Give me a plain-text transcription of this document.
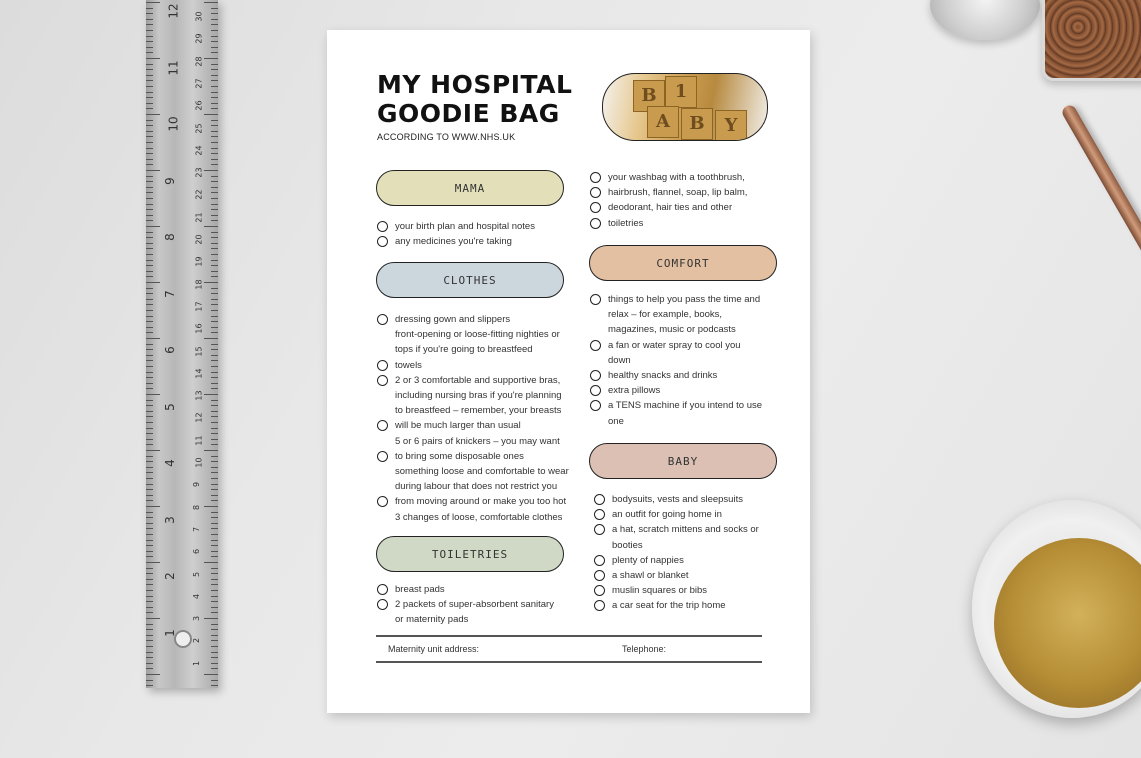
12
11
10
9
8
7
6
5
4
3
2
1
30
29
28
27
26
25
24
23
22
21
20
19
18
17
16
15
14
13
12
11
10
9
8
7
6
5
4
3
2
1
MY HOSPITAL
GOODIE BAG
ACCORDING TO WWW.NHS.UK
B	1
A	B	Y
MAMA
your birth plan and hospital notes
any medicines you're taking
CLOTHES
dressing gown and slippers
front-opening or loose-fitting nighties or
tops if you're going to breastfeed
towels
2 or 3 comfortable and supportive bras,
including nursing bras if you're planning
to breastfeed – remember, your breasts
will be much larger than usual
5 or 6 pairs of knickers – you may want
to bring some disposable ones
something loose and comfortable to wear
during labour that does not restrict you
from moving around or make you too hot
3 changes of loose, comfortable clothes
TOILETRIES
breast pads
2 packets of super-absorbent sanitary
or maternity pads
your washbag with a toothbrush,
hairbrush, flannel, soap, lip balm,
deodorant, hair ties and other
toiletries
COMFORT
things to help you pass the time and
relax – for example, books,
magazines, music or podcasts
a fan or water spray to cool you
down
healthy snacks and drinks
extra pillows
a TENS machine if you intend to use
one
BABY
bodysuits, vests and sleepsuits
an outfit for going home in
a hat, scratch mittens and socks or
booties
plenty of nappies
a shawl or blanket
muslin squares or bibs
a car seat for the trip home
Maternity unit address:	Telephone:
